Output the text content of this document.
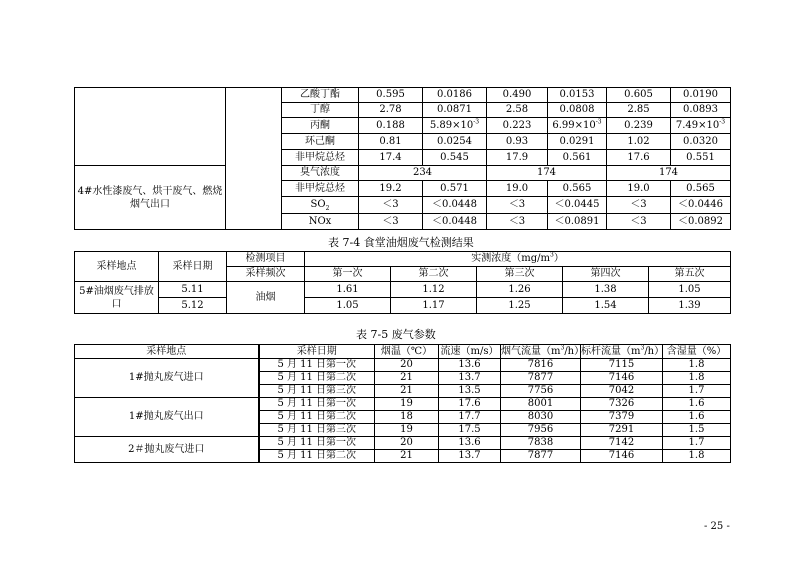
		乙酸丁酯	0.595	0.0186	0.490	0.0153	0.605	0.0190
		丁醇	2.78	0.0871	2.58	0.0808	2.85	0.0893
		丙酮	0.188	$5.89\times 10^{-3}$	0.223	$6.99\times 10^{-3}$	0.239	$7.49\times 10^{-3}$
		环己酮	0.81	0.0254	0.93	0.0291	1.02	0.0320
		非甲烷总烃	17.4	0.545	17.9	0.561	17.6	0.551
4#水性漆废气、烘干废气、燃烧烟气出口		臭气浓度	234		174		174	
		非甲烷总烃	19.2	0.571	19.0	0.565	19.0	0.565
		$SO_2$	＜3	＜0.0448	＜3	＜0.0445	＜3	＜0.0446
		NOx	＜3	＜0.0448	＜3	＜0.0891	＜3	＜0.0892
表 7-4 食堂油烟废气检测结果
采样地点	采样日期	检测项目	实测浓度$(mg/m^3)$				
		采样频次	第一次	第二次	第三次	第四次	第五次
5#油烟废气排放口	5.11	油烟	1.61	1.12	1.26	1.38	1.05
	5.12		1.05	1.17	1.25	1.54	1.39
表 7-5 废气参数
采样地点	采样日期	烟温（℃）	流速（m/s）	烟气流量$(m^3/h)$	标杆流量$(m^3/h)$	含湿量（%）
1#抛丸废气进口	5 月 11 日第一次	20	13.6	7816	7115	1.8
	5 月 11 日第二次	21	13.7	7877	7146	1.8
	5 月 11 日第三次	21	13.5	7756	7042	1.7
1#抛丸废气出口	5 月 11 日第一次	19	17.6	8001	7326	1.6
	5 月 11 日第二次	18	17.7	8030	7379	1.6
	5 月 11 日第三次	19	17.5	7956	7291	1.5
2＃抛丸废气进口	5 月 11 日第一次	20	13.6	7838	7142	1.7
	5 月 11 日第二次	21	13.7	7877	7146	1.8
- 25 -
